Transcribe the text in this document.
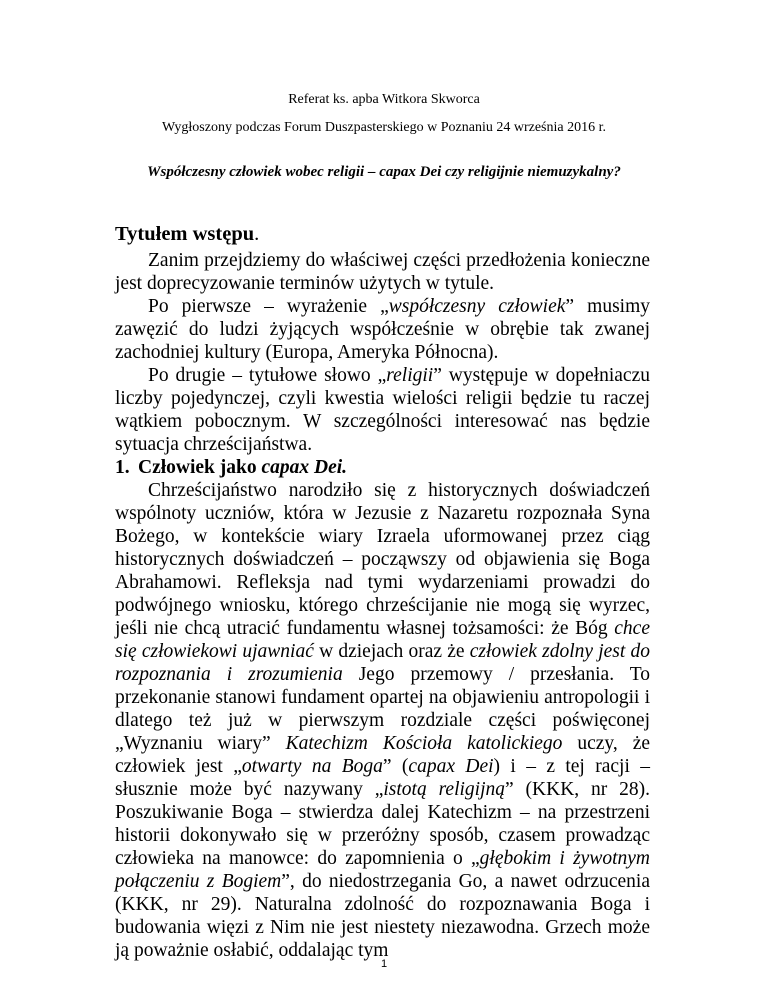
Referat ks. apba Witkora Skworca
Wygłoszony podczas Forum Duszpasterskiego w Poznaniu 24 września 2016 r.
Współczesny człowiek wobec religii – capax Dei czy religijnie niemuzykalny?

Tytułem wstępu.

Zanim przejdziemy do właściwej części przedłożenia konieczne jest doprecyzowanie terminów użytych w tytule.

Po pierwsze – wyrażenie „współczesny człowiek” musimy zawęzić do ludzi żyjących współcześnie w obrębie tak zwanej zachodniej kultury (Europa, Ameryka Północna).

Po drugie – tytułowe słowo „religii” występuje w dopełniaczu liczby pojedynczej, czyli kwestia wielości religii będzie tu raczej wątkiem pobocznym. W szczególności interesować nas będzie sytuacja chrześcijaństwa.

1. Człowiek jako capax Dei.

Chrześcijaństwo narodziło się z historycznych doświadczeń wspólnoty uczniów, która w Jezusie z Nazaretu rozpoznała Syna Bożego, w kontekście wiary Izraela uformowanej przez ciąg historycznych doświadczeń – począwszy od objawienia się Boga Abrahamowi. Refleksja nad tymi wydarzeniami prowadzi do podwójnego wniosku, którego chrześcijanie nie mogą się wyrzec, jeśli nie chcą utracić fundamentu własnej tożsamości: że Bóg chce się człowiekowi ujawniać w dziejach oraz że człowiek zdolny jest do rozpoznania i zrozumienia Jego przemowy / przesłania. To przekonanie stanowi fundament opartej na objawieniu antropologii i dlatego też już w pierwszym rozdziale części poświęconej „Wyznaniu wiary” Katechizm Kościoła katolickiego uczy, że człowiek jest „otwarty na Boga” (capax Dei) i – z tej racji – słusznie może być nazywany „istotą religijną” (KKK, nr 28). Poszukiwanie Boga – stwierdza dalej Katechizm – na przestrzeni historii dokonywało się w przeróżny sposób, czasem prowadząc człowieka na manowce: do zapomnienia o „głębokim i żywotnym połączeniu z Bogiem”, do niedostrzegania Go, a nawet odrzucenia (KKK, nr 29). Naturalna zdolność do rozpoznawania Boga i budowania więzi z Nim nie jest niestety niezawodna. Grzech może ją poważnie osłabić, oddalając tym

1
